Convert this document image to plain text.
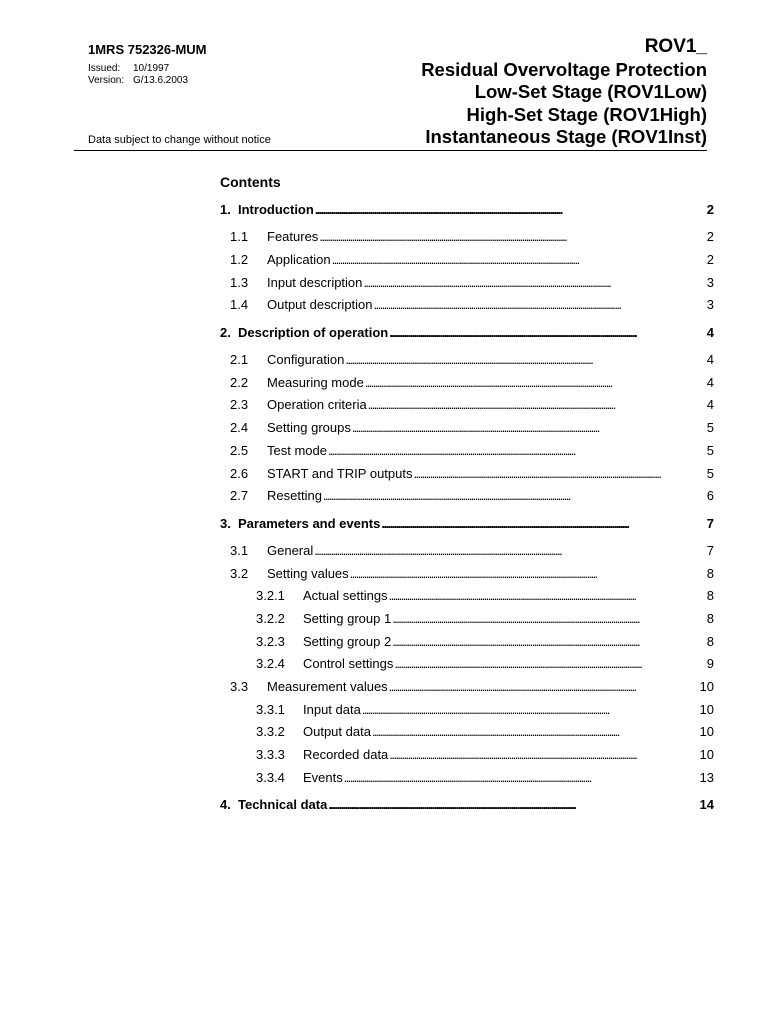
1MRS 752326-MUM
Issued: 10/1997
Version: G/13.6.2003
Data subject to change without notice
ROV1_
Residual Overvoltage Protection
Low-Set Stage (ROV1Low)
High-Set Stage (ROV1High)
Instantaneous Stage (ROV1Inst)
Contents
1. Introduction . . .	2
1.1	Features . . .	2
1.2	Application . . .	2
1.3	Input description . . .	3
1.4	Output description . . .	3
2. Description of operation . . .	4
2.1	Configuration . . .	4
2.2	Measuring mode . . .	4
2.3	Operation criteria . . .	4
2.4	Setting groups . . .	5
2.5	Test mode . . .	5
2.6	START and TRIP outputs . . .	5
2.7	Resetting . . .	6
3. Parameters and events . . .	7
3.1	General . . .	7
3.2	Setting values . . .	8
3.2.1	Actual settings . . .	8
3.2.2	Setting group 1 . . .	8
3.2.3	Setting group 2 . . .	8
3.2.4	Control settings . . .	9
3.3	Measurement values . . .	10
3.3.1	Input data . . .	10
3.3.2	Output data . . .	10
3.3.3	Recorded data . . .	10
3.3.4	Events . . .	13
4. Technical data . . .	14
